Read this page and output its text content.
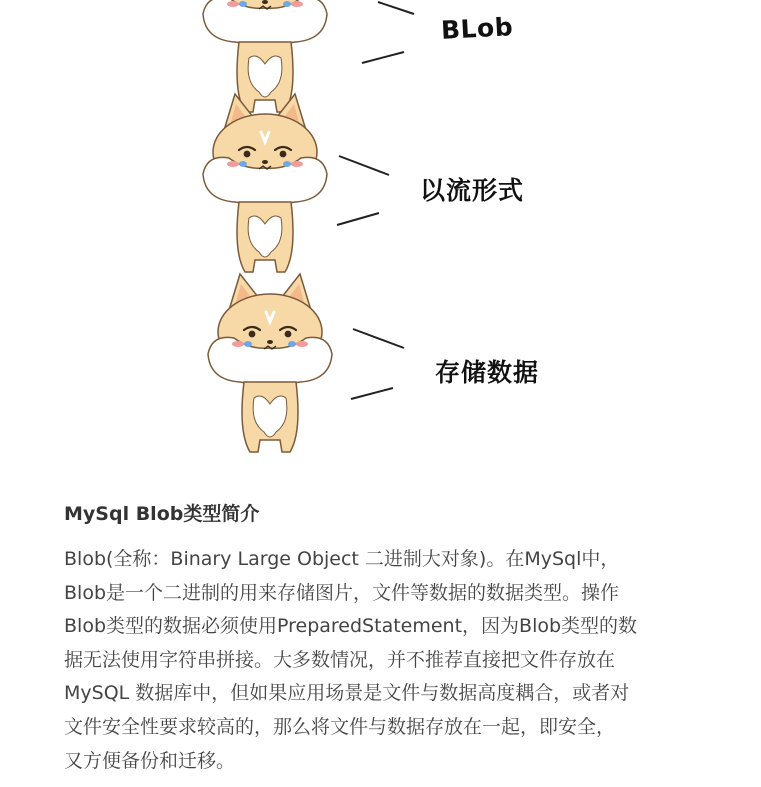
BLob
以流形式
存储数据
MySql Blob类型简介

Blob(全称：Binary Large Object 二进制大对象)。在MySql中，
Blob是一个二进制的用来存储图片，文件等数据的数据类型。操作
Blob类型的数据必须使用PreparedStatement，因为Blob类型的数
据无法使用字符串拼接。大多数情况，并不推荐直接把文件存放在
MySQL 数据库中，但如果应用场景是文件与数据高度耦合，或者对
文件安全性要求较高的，那么将文件与数据存放在一起，即安全，
又方便备份和迁移。
